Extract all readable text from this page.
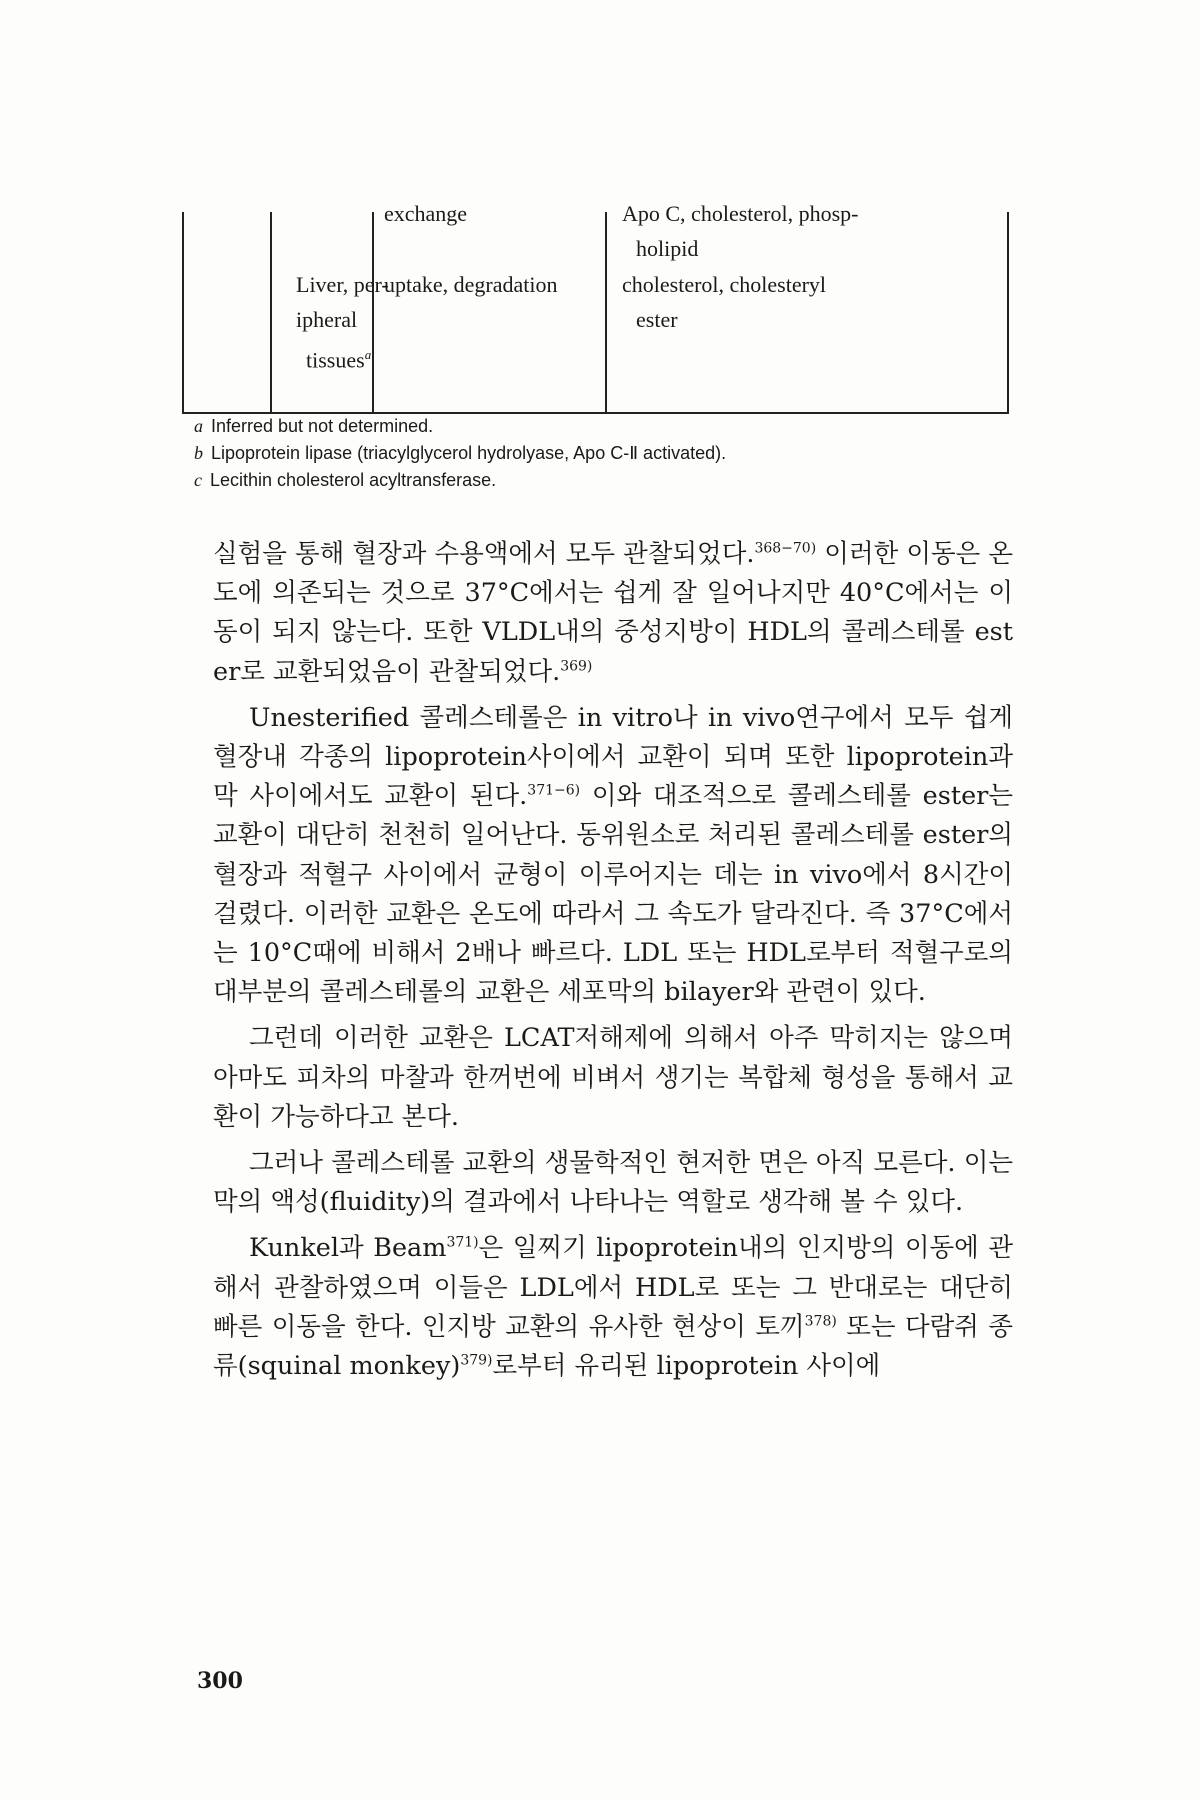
exchange	Apo C, cholesterol, phosp-
holipid
Liver, per-
ipheral
tissues$^a$
uptake, degradation	cholesterol, cholesteryl
ester
a Inferred but not determined.
b Lipoprotein lipase (triacylglycerol hydrolyase, Apo C-Ⅱ activated).
c Lecithin cholesterol acyltransferase.

실험을 통해 혈장과 수용액에서 모두 관찰되었다.$^{368-70)}$ 이러한 이동은 온도에 의존되는 것으로 37°C에서는 쉽게 잘 일어나지만 40°C에서는 이동이 되지 않는다. 또한 VLDL내의 중성지방이 HDL의 콜레스테롤 ester로 교환되었음이 관찰되었다.$^{369)}$

Unesterified 콜레스테롤은 in vitro나 in vivo연구에서 모두 쉽게 혈장내 각종의 lipoprotein사이에서 교환이 되며 또한 lipoprotein과 막 사이에서도 교환이 된다.$^{371-6)}$ 이와 대조적으로 콜레스테롤 ester는 교환이 대단히 천천히 일어난다. 동위원소로 처리된 콜레스테롤 ester의 혈장과 적혈구 사이에서 균형이 이루어지는 데는 in vivo에서 8시간이 걸렸다. 이러한 교환은 온도에 따라서 그 속도가 달라진다. 즉 37°C에서는 10°C때에 비해서 2배나 빠르다. LDL 또는 HDL로부터 적혈구로의 대부분의 콜레스테롤의 교환은 세포막의 bilayer와 관련이 있다.

그런데 이러한 교환은 LCAT저해제에 의해서 아주 막히지는 않으며 아마도 피차의 마찰과 한꺼번에 비벼서 생기는 복합체 형성을 통해서 교환이 가능하다고 본다.

그러나 콜레스테롤 교환의 생물학적인 현저한 면은 아직 모른다. 이는 막의 액성(fluidity)의 결과에서 나타나는 역할로 생각해 볼 수 있다.

Kunkel과 Beam$^{371)}$은 일찌기 lipoprotein내의 인지방의 이동에 관해서 관찰하였으며 이들은 LDL에서 HDL로 또는 그 반대로는 대단히 빠른 이동을 한다. 인지방 교환의 유사한 현상이 토끼$^{378)}$ 또는 다람쥐 종류(squinal monkey)$^{379)}$로부터 유리된 lipoprotein 사이에

300
